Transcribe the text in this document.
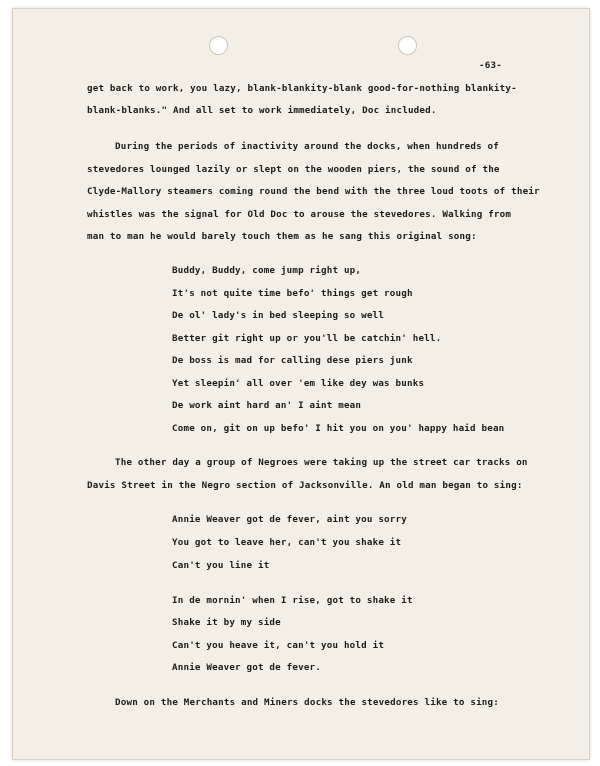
-63-
get back to work, you lazy, blank-blankity-blank good-for-nothing blankity-
blank-blanks." And all set to work immediately, Doc included.
During the periods of inactivity around the docks, when hundreds of
stevedores lounged lazily or slept on the wooden piers, the sound of the
Clyde-Mallory steamers coming round the bend with the three loud toots of their
whistles was the signal for Old Doc to arouse the stevedores. Walking from
man to man he would barely touch them as he sang this original song:
Buddy, Buddy, come jump right up,
It's not quite time befo' things get rough
De ol' lady's in bed sleeping so well
Better git right up or you'll be catchin' hell.
De boss is mad for calling dese piers junk
Yet sleepin' all over 'em like dey was bunks
De work aint hard an' I aint mean
Come on, git on up befo' I hit you on you' happy haid bean
The other day a group of Negroes were taking up the street car tracks on
Davis Street in the Negro section of Jacksonville. An old man began to sing:
Annie Weaver got de fever, aint you sorry
You got to leave her, can't you shake it
Can't you line it
In de mornin' when I rise, got to shake it
Shake it by my side
Can't you heave it, can't you hold it
Annie Weaver got de fever.
Down on the Merchants and Miners docks the stevedores like to sing:
